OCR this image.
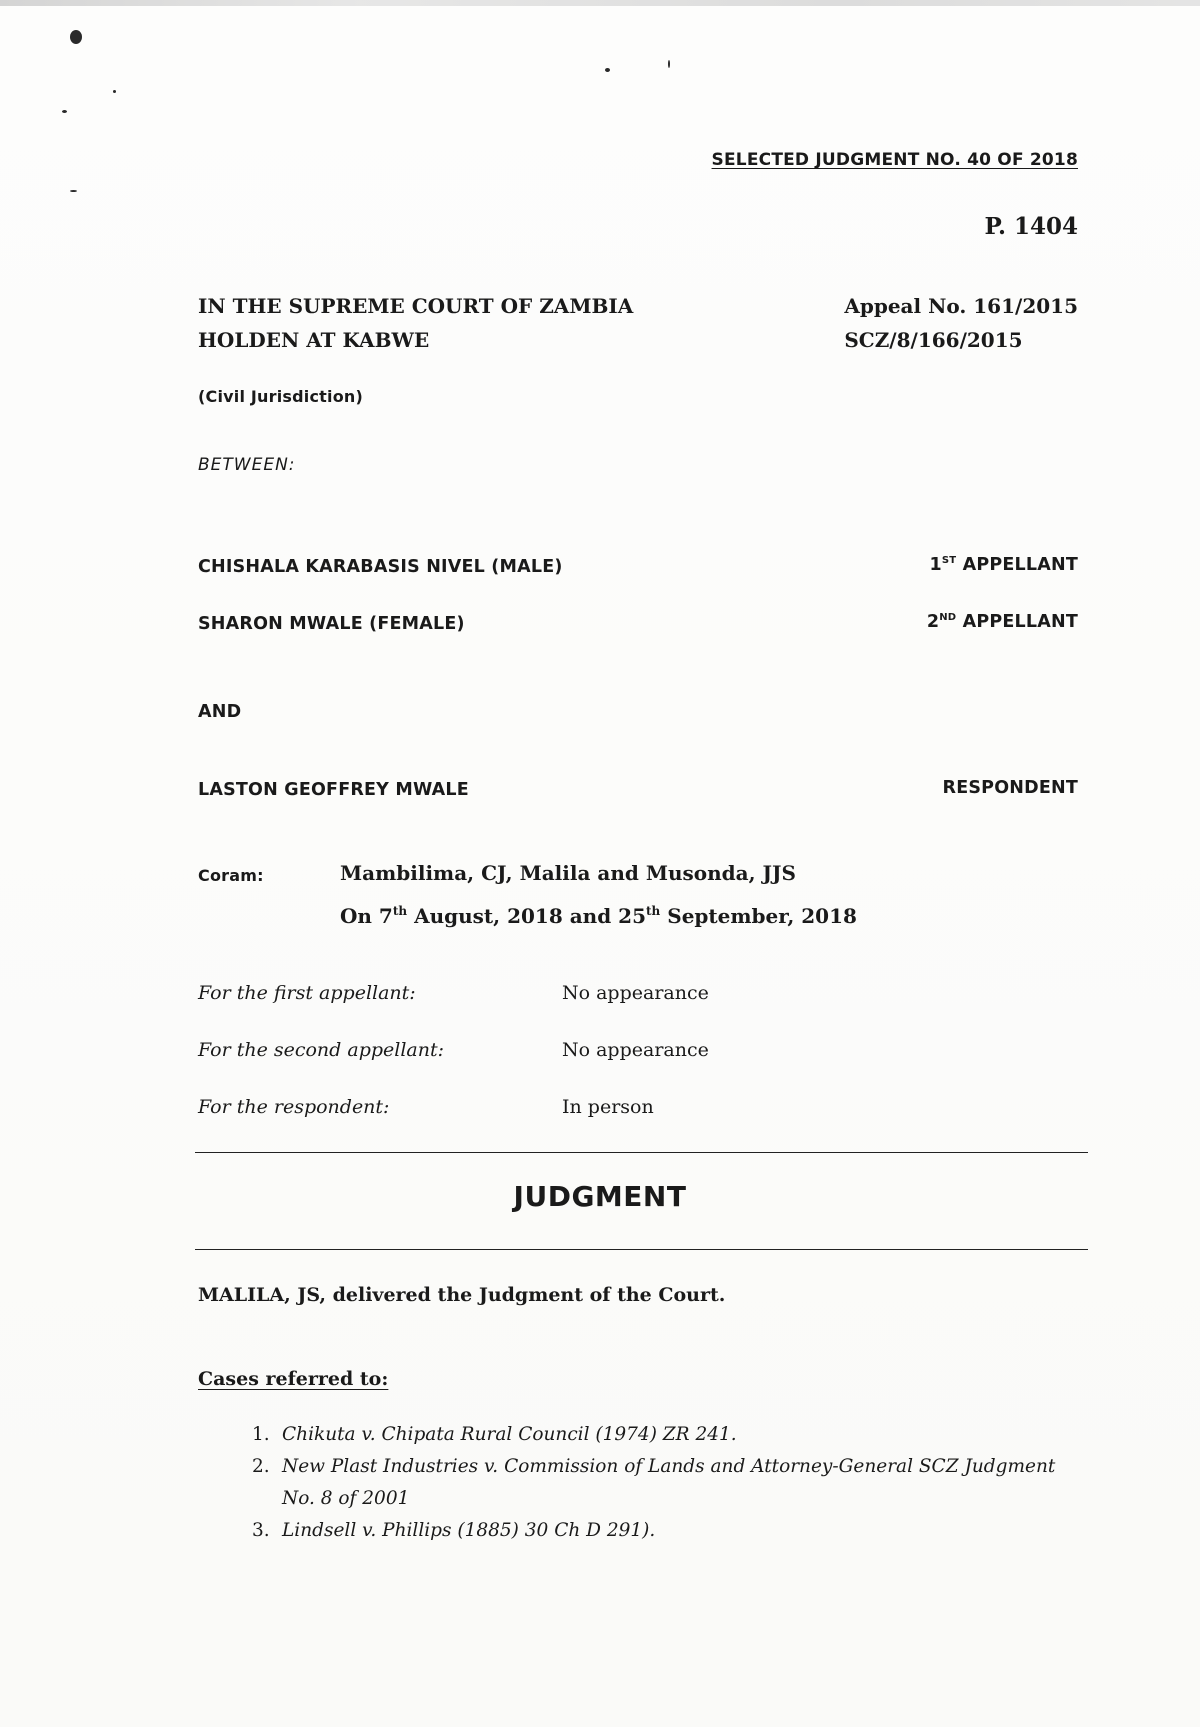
SELECTED JUDGMENT NO. 40 OF 2018
P. 1404
IN THE SUPREME COURT OF ZAMBIA
HOLDEN AT KABWE
Appeal No. 161/2015
SCZ/8/166/2015
(Civil Jurisdiction)
BETWEEN:
CHISHALA KARABASIS NIVEL (MALE)	1ST APPELLANT
SHARON MWALE (FEMALE)	2ND APPELLANT
AND
LASTON GEOFFREY MWALE	RESPONDENT
Coram:	Mambilima, CJ, Malila and Musonda, JJS
On 7th August, 2018 and 25th September, 2018
For the first appellant:	No appearance
For the second appellant:	No appearance
For the respondent:	In person
JUDGMENT
MALILA, JS, delivered the Judgment of the Court.
Cases referred to:
1. Chikuta v. Chipata Rural Council (1974) ZR 241.
2. New Plast Industries v. Commission of Lands and Attorney-General SCZ Judgment No. 8 of 2001
3. Lindsell v. Phillips (1885) 30 Ch D 291).
